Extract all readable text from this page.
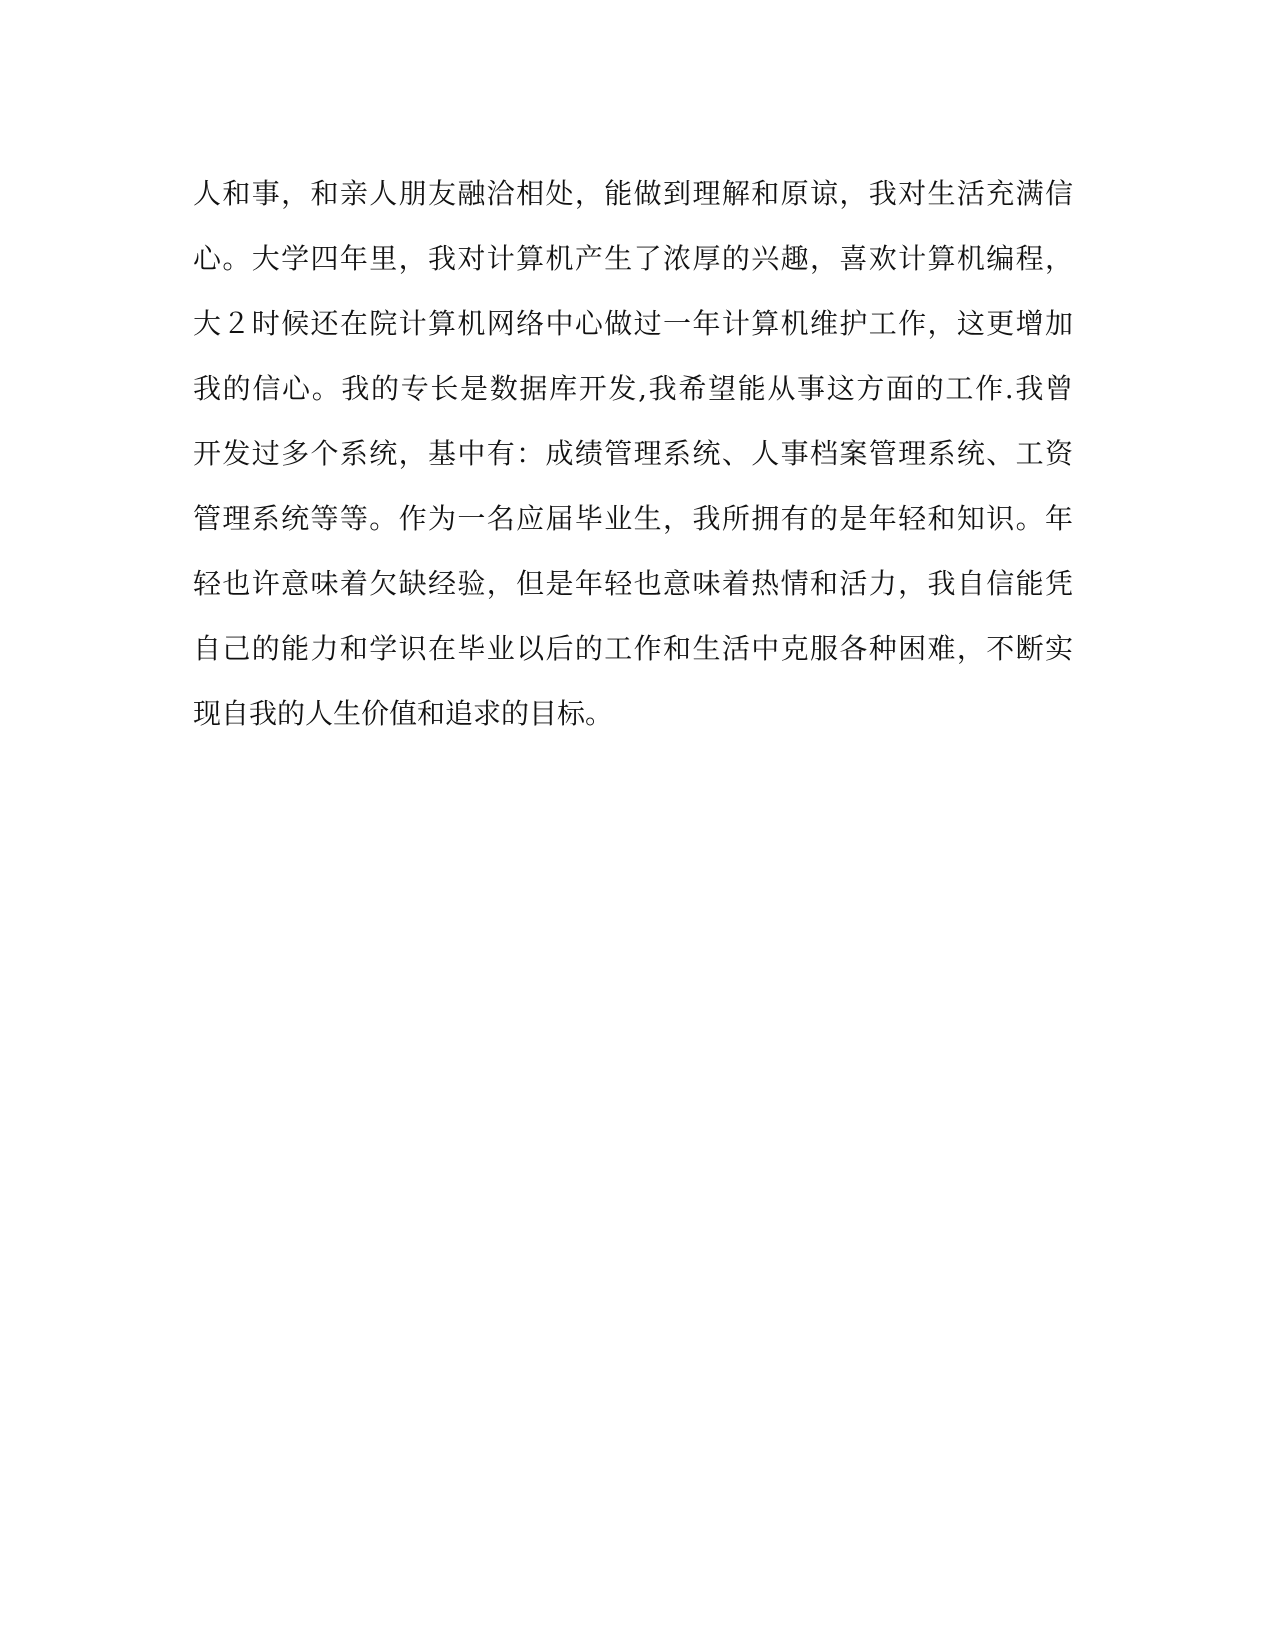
人和事，和亲人朋友融洽相处，能做到理解和原谅，我对生活充满信
心。大学四年里，我对计算机产生了浓厚的兴趣，喜欢计算机编程，
大２时候还在院计算机网络中心做过一年计算机维护工作，这更增加
我的信心。我的专长是数据库开发,我希望能从事这方面的工作.我曾
开发过多个系统，基中有：成绩管理系统、人事档案管理系统、工资
管理系统等等。作为一名应届毕业生，我所拥有的是年轻和知识。年
轻也许意味着欠缺经验，但是年轻也意味着热情和活力，我自信能凭
自己的能力和学识在毕业以后的工作和生活中克服各种困难，不断实
现自我的人生价值和追求的目标。
